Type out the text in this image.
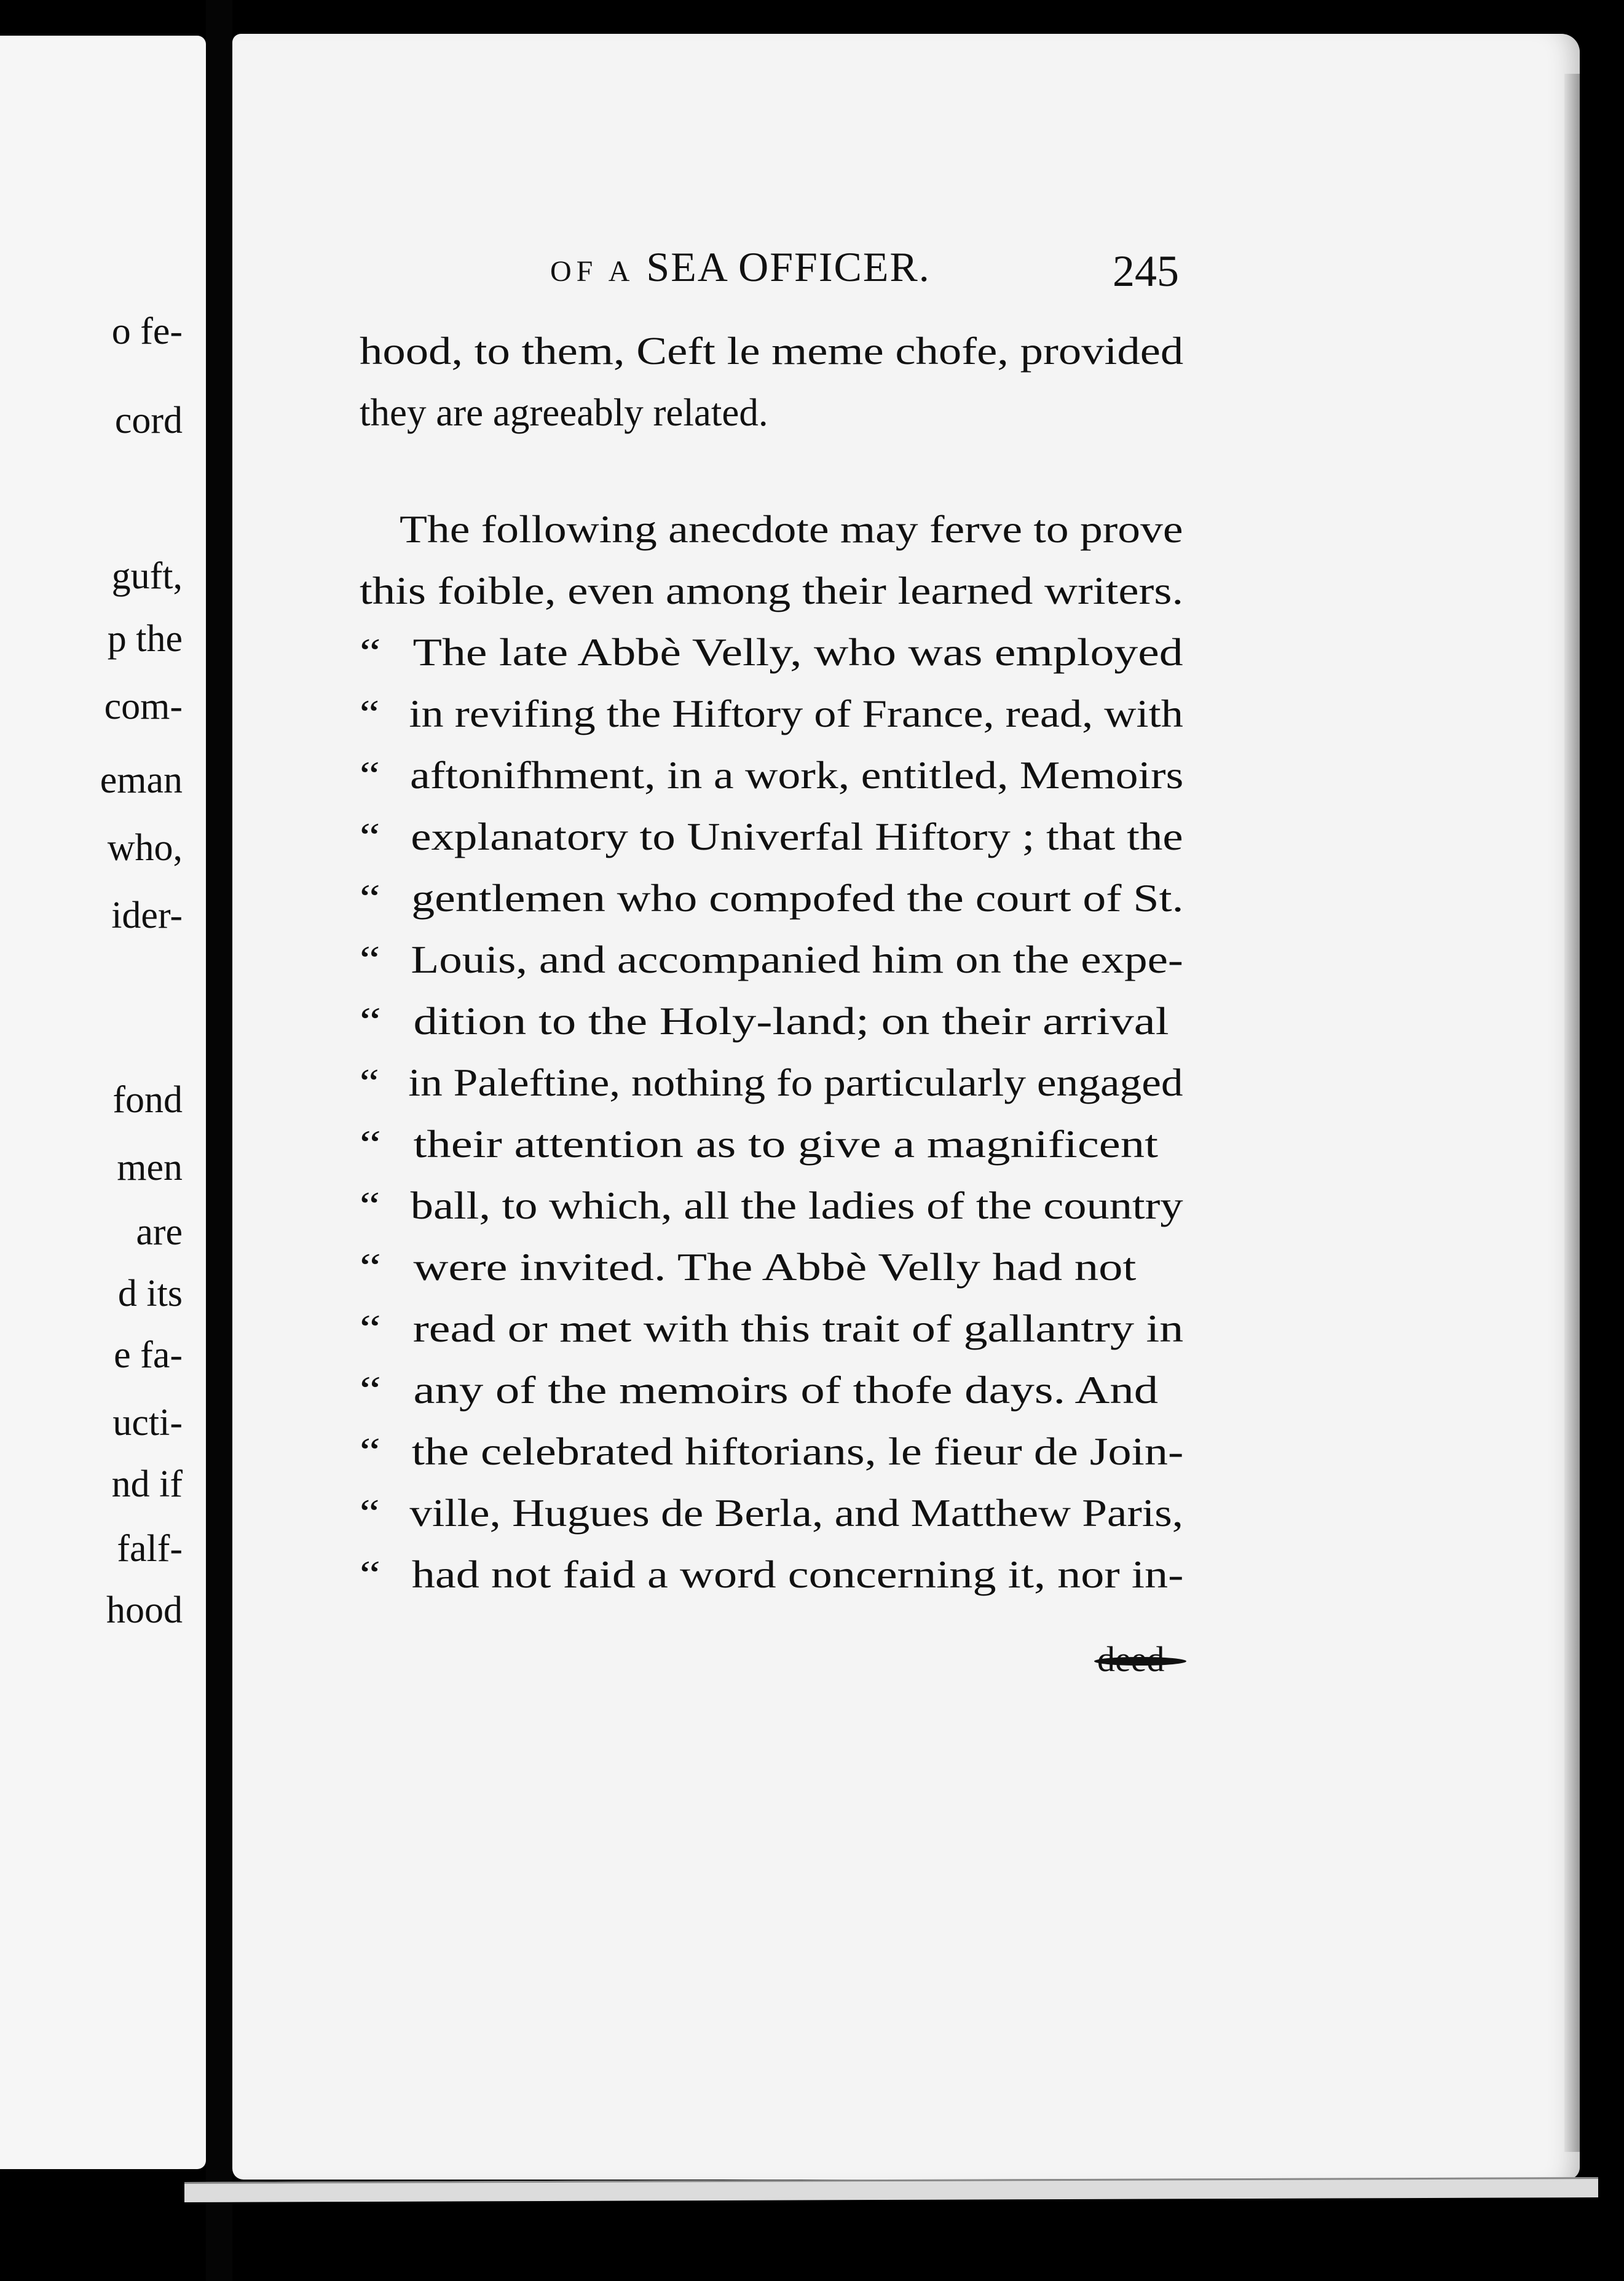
o fe-
cord
guft,
p the
com-
eman
who,
ider-
fond
men
are
d its
e fa-
ucti-
nd if
falf-
hood
OF A SEA OFFICER.	245
hood, to them, Ceft le meme chofe, provided
they are agreeably related.
The following anecdote may ferve to prove
this foible, even among their learned writers.
“ The late Abbè Velly, who was employed
“ in revifing the Hiftory of France, read, with
“ aftonifhment, in a work, entitled, Memoirs
“ explanatory to Univerfal Hiftory ; that the
“ gentlemen who compofed the court of St.
“ Louis, and accompanied him on the expe-
“ dition to the Holy-land; on their arrival
“ in Paleftine, nothing fo particularly engaged
“ their attention as to give a magnificent
“ ball, to which, all the ladies of the country
“ were invited. The Abbè Velly had not
“ read or met with this trait of gallantry in
“ any of the memoirs of thofe days. And
“ the celebrated hiftorians, le fieur de Join-
“ ville, Hugues de Berla, and Matthew Paris,
“ had not faid a word concerning it, nor in-
